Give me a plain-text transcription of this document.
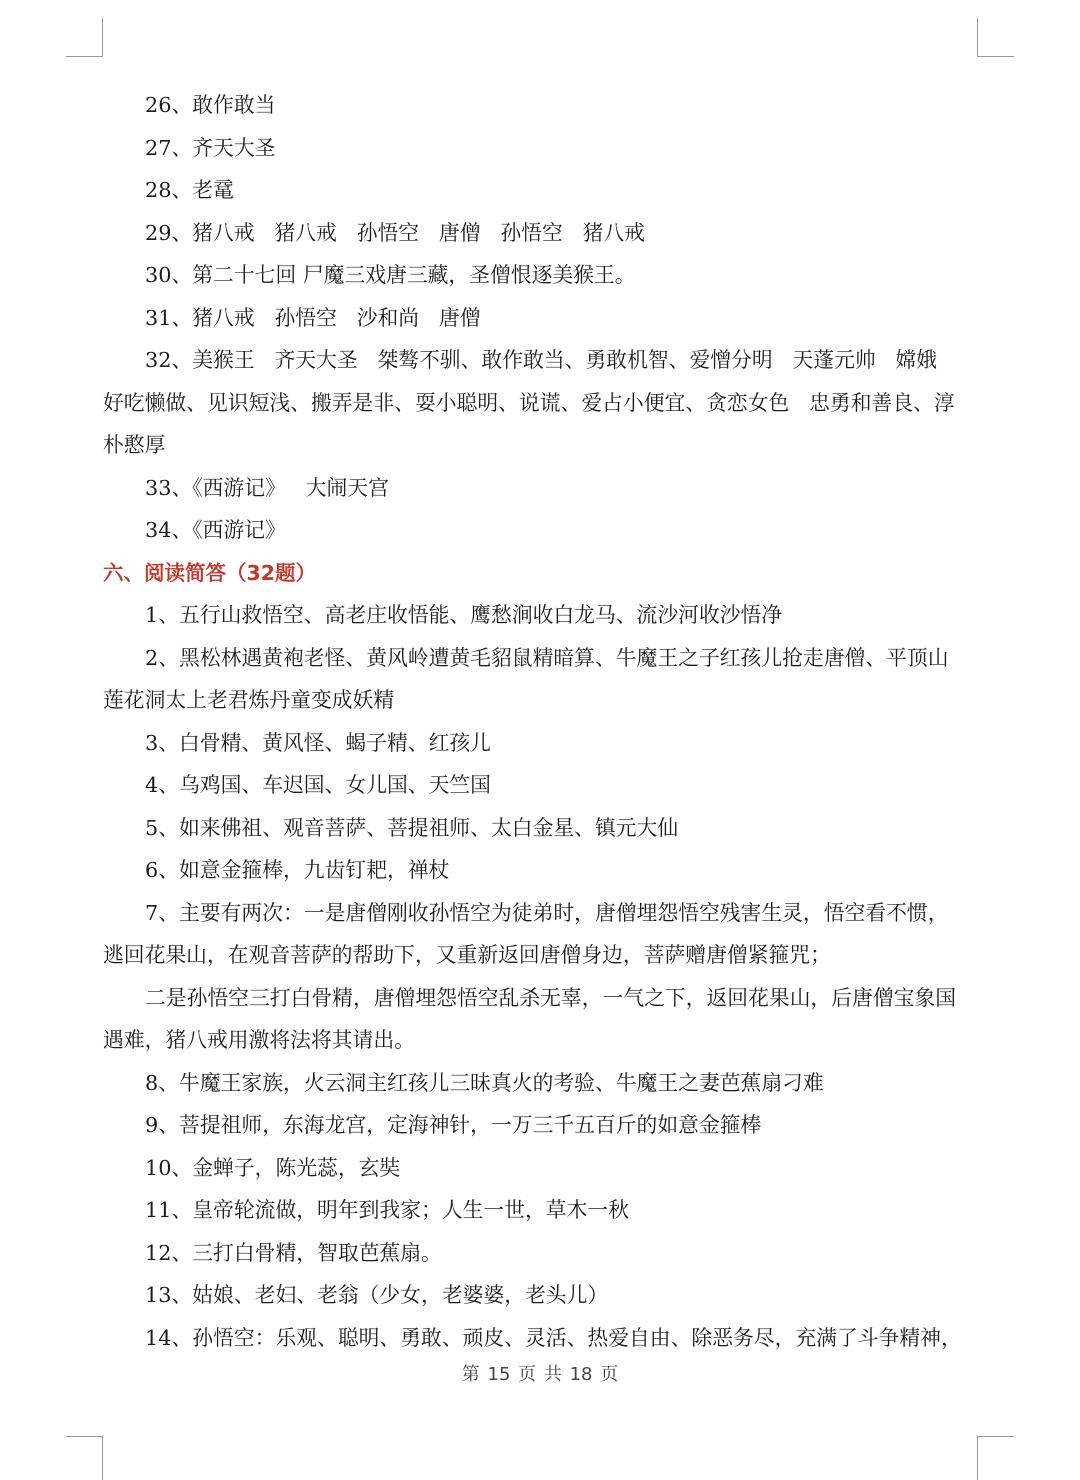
26、敢作敢当
27、齐天大圣
28、老鼋
29、猪八戒   猪八戒   孙悟空   唐僧   孙悟空   猪八戒
30、第二十七回 尸魔三戏唐三藏，圣僧恨逐美猴王。
31、猪八戒   孙悟空   沙和尚   唐僧
32、美猴王   齐天大圣   桀骜不驯、敢作敢当、勇敢机智、爱憎分明   天蓬元帅   嫦娥
好吃懒做、见识短浅、搬弄是非、耍小聪明、说谎、爱占小便宜、贪恋女色   忠勇和善良、淳
朴憨厚
33、《西游记》   大闹天宫
34、《西游记》
六、阅读简答（32题）
1、五行山救悟空、高老庄收悟能、鹰愁涧收白龙马、流沙河收沙悟净
2、黑松林遇黄袍老怪、黄风岭遭黄毛貂鼠精暗算、牛魔王之子红孩儿抢走唐僧、平顶山
莲花洞太上老君炼丹童变成妖精
3、白骨精、黄风怪、蝎子精、红孩儿
4、乌鸡国、车迟国、女儿国、天竺国
5、如来佛祖、观音菩萨、菩提祖师、太白金星、镇元大仙
6、如意金箍棒，九齿钉耙，禅杖
7、主要有两次：一是唐僧刚收孙悟空为徒弟时，唐僧埋怨悟空残害生灵，悟空看不惯，
逃回花果山，在观音菩萨的帮助下，又重新返回唐僧身边，菩萨赠唐僧紧箍咒；
二是孙悟空三打白骨精，唐僧埋怨悟空乱杀无辜，一气之下，返回花果山，后唐僧宝象国
遇难，猪八戒用激将法将其请出。
8、牛魔王家族，火云洞主红孩儿三昧真火的考验、牛魔王之妻芭蕉扇刁难
9、菩提祖师，东海龙宫，定海神针，一万三千五百斤的如意金箍棒
10、金蝉子，陈光蕊，玄奘
11、皇帝轮流做，明年到我家；人生一世，草木一秋
12、三打白骨精，智取芭蕉扇。
13、姑娘、老妇、老翁（少女，老婆婆，老头儿）
14、孙悟空：乐观、聪明、勇敢、顽皮、灵活、热爱自由、除恶务尽，充满了斗争精神，
第 15 页 共 18 页
